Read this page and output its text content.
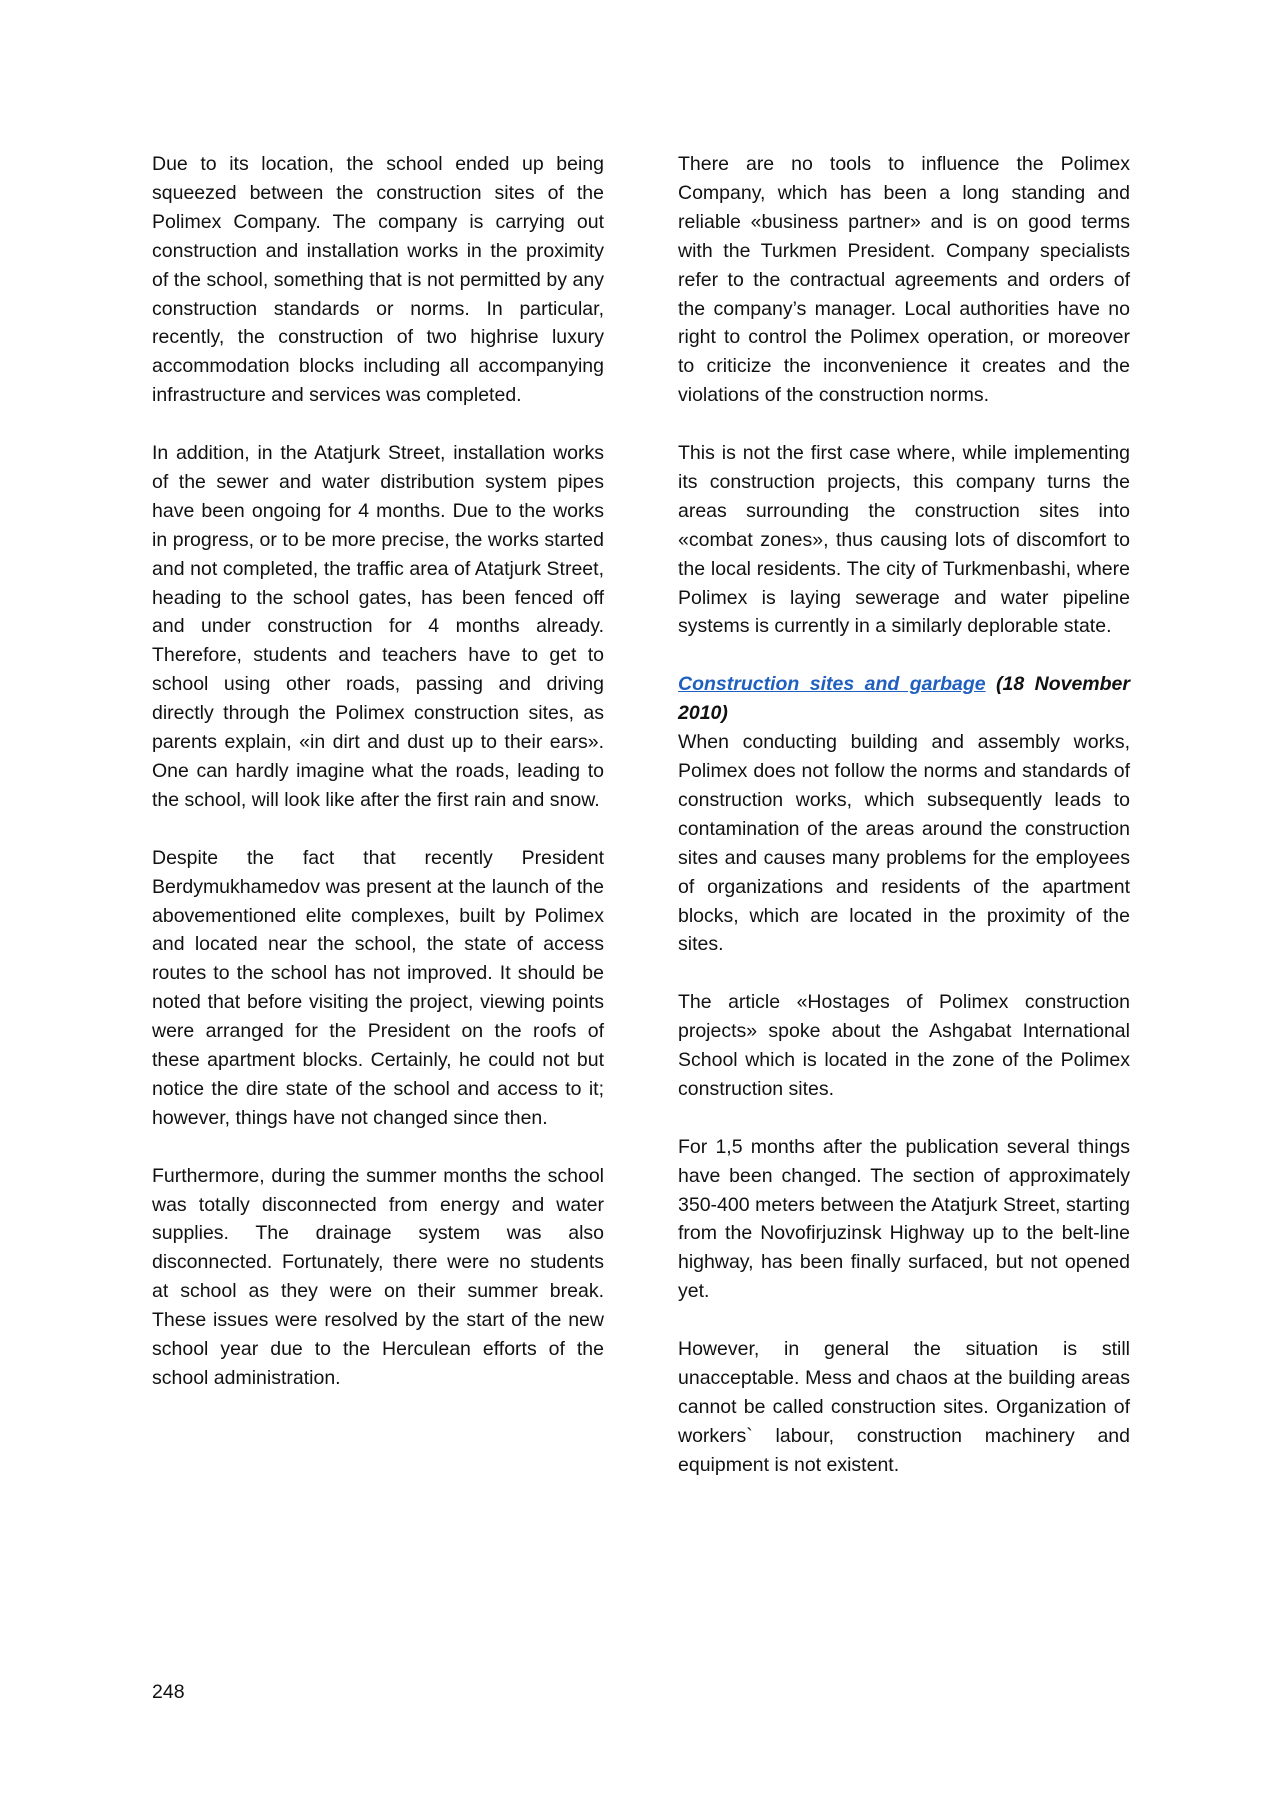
Due to its location, the school ended up being squeezed between the construction sites of the Polimex Company. The company is carrying out construction and installation works in the proximity of the school, something that is not permitted by any construction standards or norms. In particular, recently, the construction of two highrise luxury accommodation blocks including all accompanying infrastructure and services was completed.

In addition, in the Atatjurk Street, installation works of the sewer and water distribution system pipes have been ongoing for 4 months. Due to the works in progress, or to be more precise, the works started and not completed, the traffic area of Atatjurk Street, heading to the school gates, has been fenced off and under construction for 4 months already. Therefore, students and teachers have to get to school using other roads, passing and driving directly through the Polimex construction sites, as parents explain, «in dirt and dust up to their ears». One can hardly imagine what the roads, leading to the school, will look like after the first rain and snow.

Despite the fact that recently President Berdymukhamedov was present at the launch of the abovementioned elite complexes, built by Polimex and located near the school, the state of access routes to the school has not improved. It should be noted that before visiting the project, viewing points were arranged for the President on the roofs of these apartment blocks. Certainly, he could not but notice the dire state of the school and access to it; however, things have not changed since then.

Furthermore, during the summer months the school was totally disconnected from energy and water supplies. The drainage system was also disconnected. Fortunately, there were no students at school as they were on their summer break. These issues were resolved by the start of the new school year due to the Herculean efforts of the school administration.

There are no tools to influence the Polimex Company, which has been a long standing and reliable «business partner» and is on good terms with the Turkmen President. Company specialists refer to the contractual agreements and orders of the company’s manager. Local authorities have no right to control the Polimex operation, or moreover to criticize the inconvenience it creates and the violations of the construction norms.

This is not the first case where, while implementing its construction projects, this company turns the areas surrounding the construction sites into «combat zones», thus causing lots of discomfort to the local residents. The city of Turkmenbashi, where Polimex is laying sewerage and water pipeline systems is currently in a similarly deplorable state.

Construction sites and garbage (18 November 2010)

When conducting building and assembly works, Polimex does not follow the norms and standards of construction works, which subsequently leads to contamination of the areas around the construction sites and causes many problems for the employees of organizations and residents of the apartment blocks, which are located in the proximity of the sites.

The article «Hostages of Polimex construction projects» spoke about the Ashgabat International School which is located in the zone of the Polimex construction sites.

For 1,5 months after the publication several things have been changed. The section of approximately 350-400 meters between the Atatjurk Street, starting from the Novofirjuzinsk Highway up to the belt-line highway, has been finally surfaced, but not opened yet.

However, in general the situation is still unacceptable. Mess and chaos at the building areas cannot be called construction sites. Organization of workers` labour, construction machinery and equipment is not existent.

248
